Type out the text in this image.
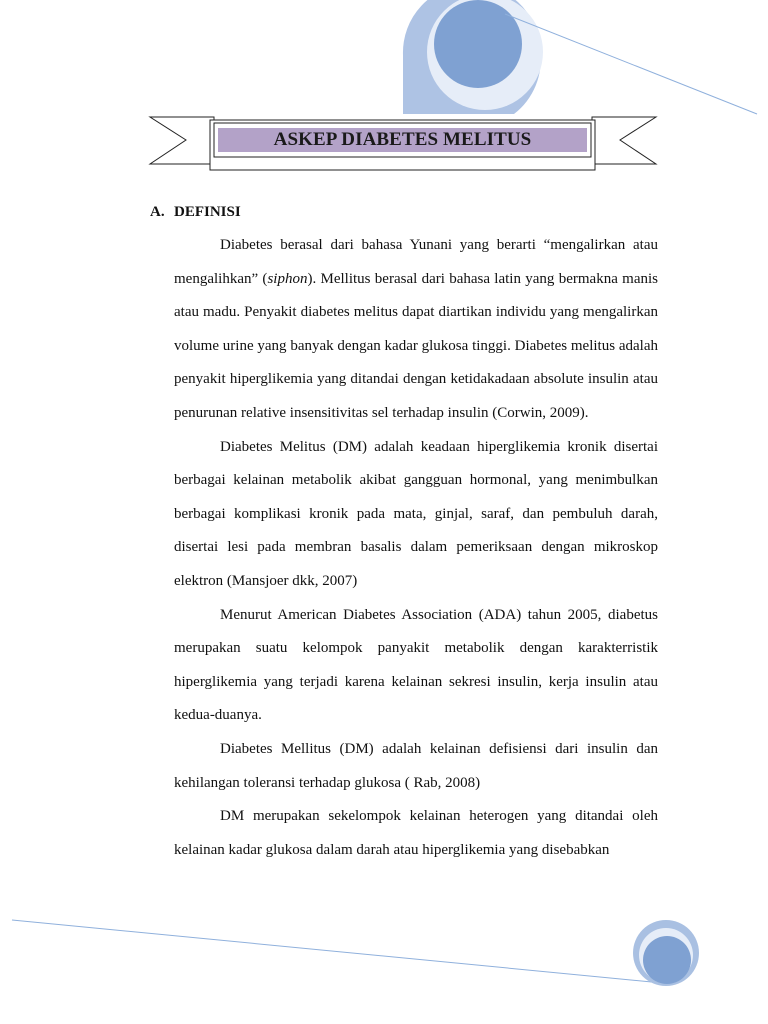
ASKEP DIABETES MELITUS
A. DEFINISI

Diabetes berasal dari bahasa Yunani yang berarti “mengalirkan atau mengalihkan” (siphon). Mellitus berasal dari bahasa latin yang bermakna manis atau madu. Penyakit diabetes melitus dapat diartikan individu yang mengalirkan volume urine yang banyak dengan kadar glukosa tinggi. Diabetes melitus adalah penyakit hiperglikemia yang ditandai dengan ketidakadaan absolute insulin atau penurunan relative insensitivitas sel terhadap insulin (Corwin, 2009).

Diabetes Melitus (DM) adalah keadaan hiperglikemia kronik disertai berbagai kelainan metabolik akibat gangguan hormonal, yang menimbulkan berbagai komplikasi kronik pada mata, ginjal, saraf, dan pembuluh darah, disertai lesi pada membran basalis dalam pemeriksaan dengan mikroskop elektron (Mansjoer dkk, 2007)

Menurut American Diabetes Association (ADA) tahun 2005, diabetus merupakan suatu kelompok panyakit metabolik dengan karakterristik hiperglikemia yang terjadi karena kelainan sekresi insulin, kerja insulin atau kedua-duanya.

Diabetes Mellitus (DM) adalah kelainan defisiensi dari insulin dan kehilangan toleransi terhadap glukosa ( Rab, 2008)

DM merupakan sekelompok kelainan heterogen yang ditandai oleh kelainan kadar glukosa dalam darah atau hiperglikemia yang disebabkan
